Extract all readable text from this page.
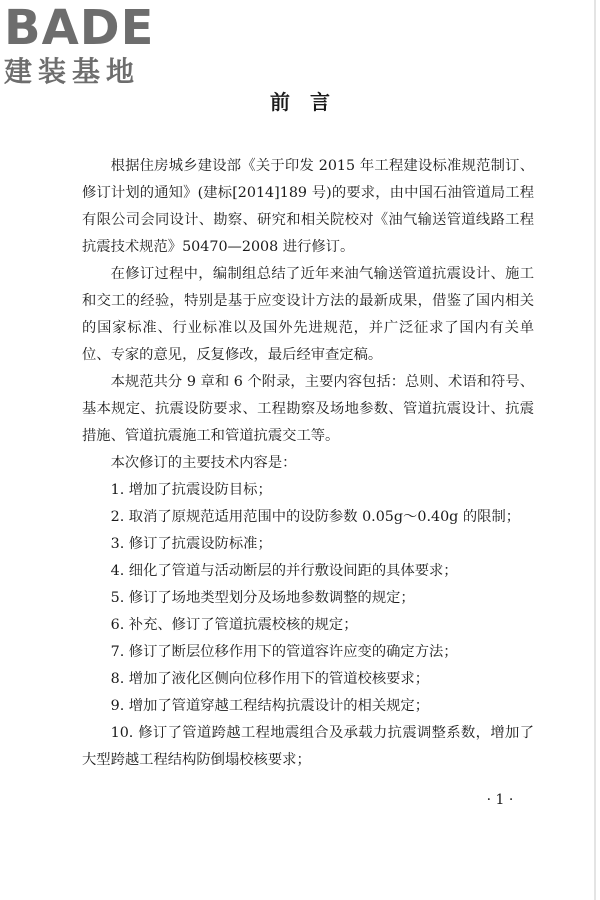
BADE
建装基地
前言

根据住房城乡建设部《关于印发 2015 年工程建设标准规范制订、修订计划的通知》(建标[2014]189 号)的要求，由中国石油管道局工程有限公司会同设计、勘察、研究和相关院校对《油气输送管道线路工程抗震技术规范》50470—2008 进行修订。

在修订过程中，编制组总结了近年来油气输送管道抗震设计、施工和交工的经验，特别是基于应变设计方法的最新成果，借鉴了国内相关的国家标准、行业标准以及国外先进规范，并广泛征求了国内有关单位、专家的意见，反复修改，最后经审查定稿。

本规范共分 9 章和 6 个附录，主要内容包括：总则、术语和符号、基本规定、抗震设防要求、工程勘察及场地参数、管道抗震设计、抗震措施、管道抗震施工和管道抗震交工等。

本次修订的主要技术内容是：

1. 增加了抗震设防目标；

2. 取消了原规范适用范围中的设防参数 0.05g～0.40g 的限制；

3. 修订了抗震设防标准；

4. 细化了管道与活动断层的并行敷设间距的具体要求；

5. 修订了场地类型划分及场地参数调整的规定；

6. 补充、修订了管道抗震校核的规定；

7. 修订了断层位移作用下的管道容许应变的确定方法；

8. 增加了液化区侧向位移作用下的管道校核要求；

9. 增加了管道穿越工程结构抗震设计的相关规定；

10. 修订了管道跨越工程地震组合及承载力抗震调整系数，增加了大型跨越工程结构防倒塌校核要求；

· 1 ·
